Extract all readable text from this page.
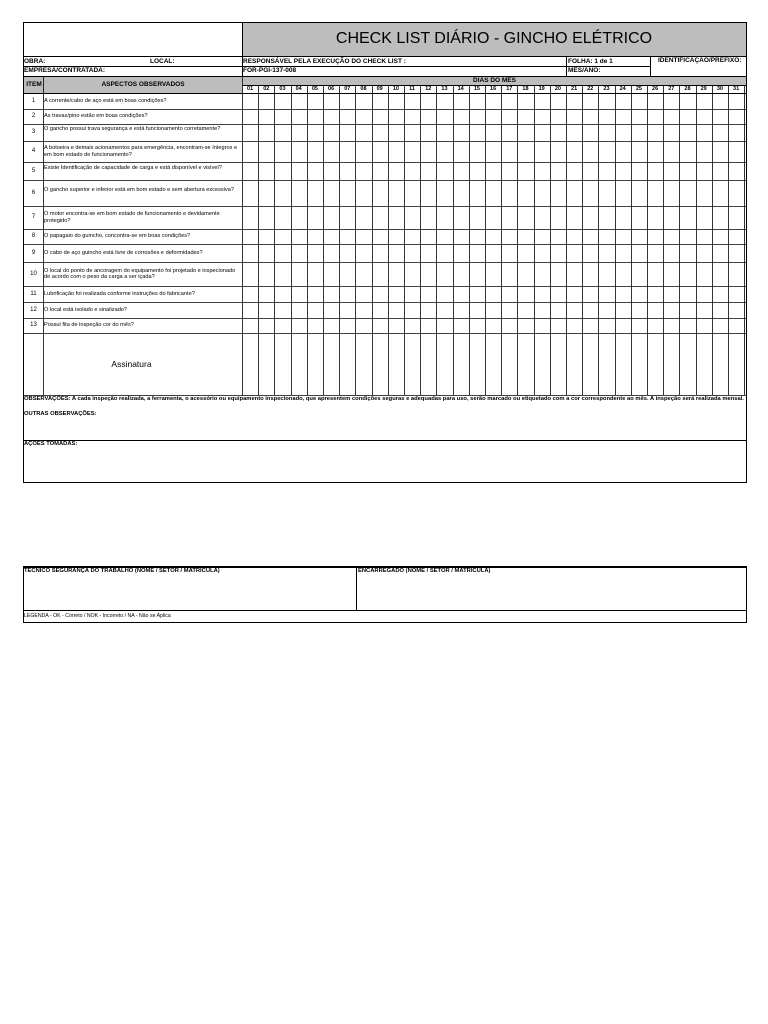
CHECK LIST DIÁRIO - GINCHO ELÉTRICO
OBRA:	LOCAL:	RESPONSÁVEL PELA EXECUÇÃO DO CHECK LIST :	FOLHA: 1 de 1	IDENTIFICAÇÃO/PREFIXO:
EMPRESA/CONTRATADA:	FOR-PGI-137-008	MÊS/ANO:
ITEM	ASPECTOS OBSERVADOS
DIAS DO MÊS
01	02	03	04	05	06	07	08	09	10	11	12	13	14	15	16	17	18	19	20	21	22	23	24	25	26	27	28	29	30	31
1	A corrente/cabo de aço está em boas condições?
2	As travas/pino estão em boas condições?
3	O gancho possui trava segurança e está funcionamento corretamente?
4	A botoeira e demais acionamentos para emergência, encontram-se íntegros e em bom estado de funcionamento?
5	Existe Identificação de capacidade de carga e está disponível e visível?
6	O gancho superior e inferior está em bom estado e sem abertura excessiva?
7	O motor encontra-se em bom estado de funcionamento e devidamente protegido?
8	O papagaio do guincho, concontra-se em boas condições?
9	O cabo de aço guincho está livre de corrosões e deformidades?
10	O local do ponto de ancoragem do equipamento foi projetado e inspecionado de acordo com o peso da carga a ser içada?
11	Lubrificação foi realizada conforme instruções do fabricante?
12	O local está isolado e sinalizado?
13	Possui fita de inspeção cor do mês?
Assinatura
OBSERVAÇÕES: A cada inspeção realizada, a ferramenta, o acessório ou equipamento inspecionado, que apresentem condições seguras e adequadas para uso, serão marcado ou etiquetado com a cor correspondente ao mês. A inspeção será realizada mensal.
OUTRAS OBSERVAÇÕES:
AÇÕES TOMADAS:
TÉCNICO SEGURANÇA DO TRABALHO (NOME / SETOR / MATRÍCULA)	ENCARREGADO (NOME / SETOR / MATRÍCULA)
LEGENDA - OK - Correto / NOK - Incorreto / NA - Não se Aplica
